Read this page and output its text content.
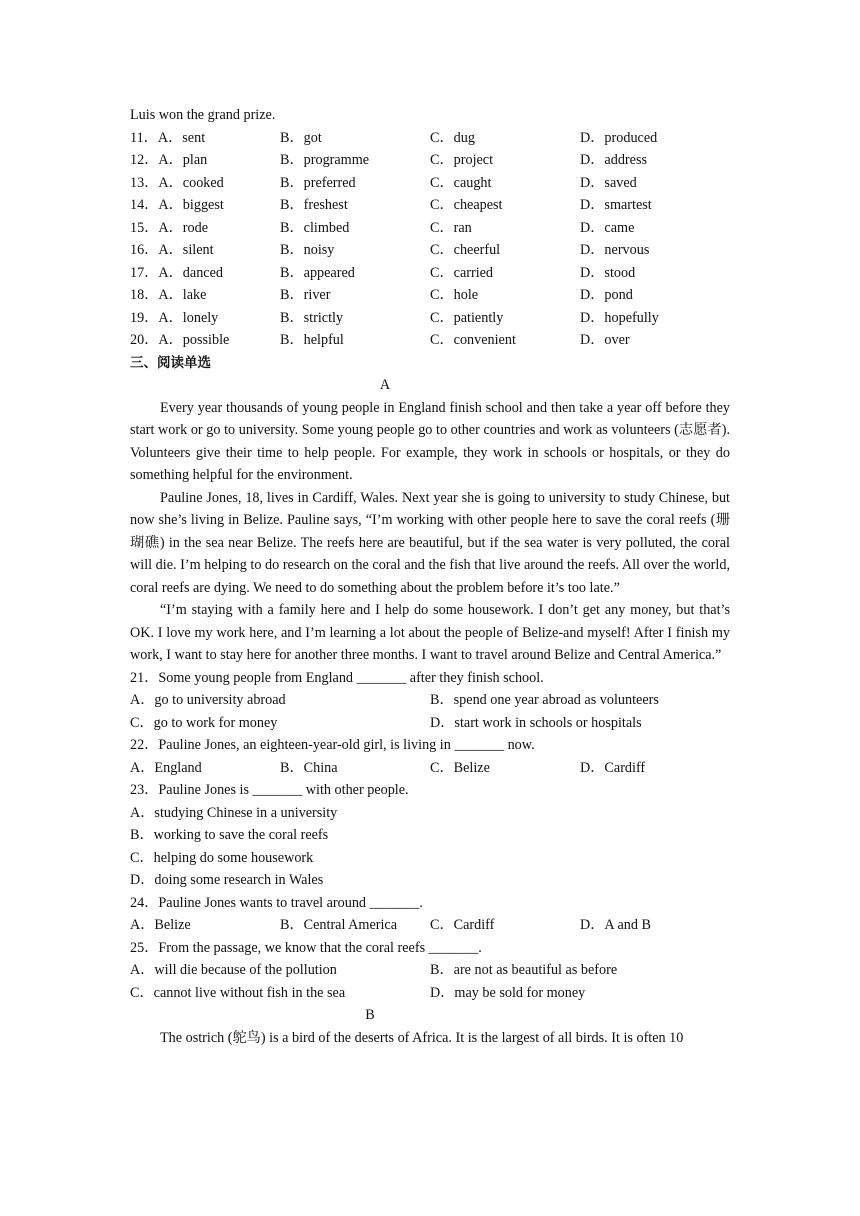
Luis won the grand prize.
11．A．sent	B．got	C．dug	D．produced
12．A．plan	B．programme	C．project	D．address
13．A．cooked	B．preferred	C．caught	D．saved
14．A．biggest	B．freshest	C．cheapest	D．smartest
15．A．rode	B．climbed	C．ran	D．came
16．A．silent	B．noisy	C．cheerful	D．nervous
17．A．danced	B．appeared	C．carried	D．stood
18．A．lake	B．river	C．hole	D．pond
19．A．lonely	B．strictly	C．patiently	D．hopefully
20．A．possible	B．helpful	C．convenient	D．over
三、阅读单选
A

Every year thousands of young people in England finish school and then take a year off before they start work or go to university. Some young people go to other countries and work as volunteers (志愿者). Volunteers give their time to help people. For example, they work in schools or hospitals, or they do something helpful for the environment.

Pauline Jones, 18, lives in Cardiff, Wales. Next year she is going to university to study Chinese, but now she’s living in Belize. Pauline says, “I’m working with other people here to save the coral reefs (珊瑚礁) in the sea near Belize. The reefs here are beautiful, but if the sea water is very polluted, the coral will die. I’m helping to do research on the coral and the fish that live around the reefs. All over the world, coral reefs are dying. We need to do something about the problem before it’s too late.”

“I’m staying with a family here and I help do some housework. I don’t get any money, but that’s OK. I love my work here, and I’m learning a lot about the people of Belize-and myself! After I finish my work, I want to stay here for another three months. I want to travel around Belize and Central America.”

21．Some young people from England _______ after they finish school.
A．go to university abroad	B．spend one year abroad as volunteers
C．go to work for money	D．start work in schools or hospitals
22．Pauline Jones, an eighteen-year-old girl, is living in _______ now.
A．England	B．China	C．Belize	D．Cardiff
23．Pauline Jones is _______ with other people.
A．studying Chinese in a university
B．working to save the coral reefs
C．helping do some housework
D．doing some research in Wales
24．Pauline Jones wants to travel around _______.
A．Belize	B．Central America C．Cardiff	D．A and B
25．From the passage, we know that the coral reefs _______.
A．will die because of the pollution	B．are not as beautiful as before
C．cannot live without fish in the sea	D．may be sold for money
B
The ostrich (鸵鸟) is a bird of the deserts of Africa. It is the largest of all birds. It is often 10
